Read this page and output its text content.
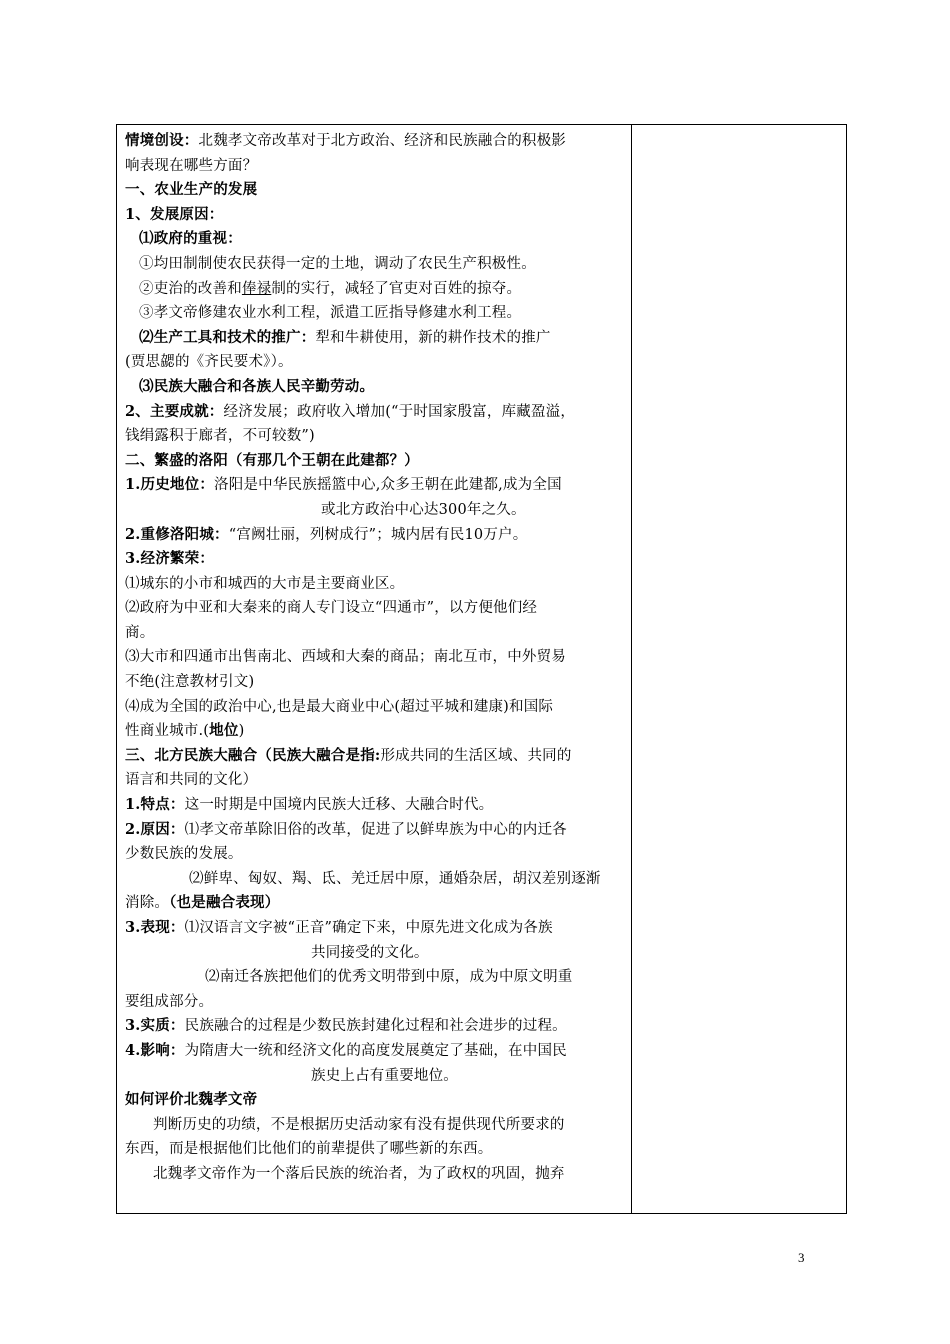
情境创设：北魏孝文帝改革对于北方政治、经济和民族融合的积极影
响表现在哪些方面？
一、农业生产的发展
1、发展原因：
⑴政府的重视：
①均田制制使农民获得一定的土地，调动了农民生产积极性。
②吏治的改善和俸禄制的实行，减轻了官吏对百姓的掠夺。
③孝文帝修建农业水利工程，派遣工匠指导修建水利工程。
⑵生产工具和技术的推广：犁和牛耕使用，新的耕作技术的推广
(贾思勰的《齐民要术》）。
⑶民族大融合和各族人民辛勤劳动。
2、主要成就：经济发展；政府收入增加(“于时国家殷富，库藏盈溢，
钱绢露积于廊者，不可较数”)
二、繁盛的洛阳（有那几个王朝在此建都？）
1.历史地位：洛阳是中华民族摇篮中心,众多王朝在此建都,成为全国
或北方政治中心达300年之久。
2.重修洛阳城：“宫阙壮丽，列树成行”；城内居有民10万户。
3.经济繁荣：
⑴城东的小市和城西的大市是主要商业区。
⑵政府为中亚和大秦来的商人专门设立“四通市”，以方便他们经
商。
⑶大市和四通市出售南北、西域和大秦的商品；南北互市，中外贸易
不绝(注意教材引文)
⑷成为全国的政治中心,也是最大商业中心(超过平城和建康)和国际
性商业城市.(地位)
三、北方民族大融合（民族大融合是指:形成共同的生活区域、共同的
语言和共同的文化）
1.特点：这一时期是中国境内民族大迁移、大融合时代。
2.原因：⑴孝文帝革除旧俗的改革，促进了以鲜卑族为中心的内迁各
少数民族的发展。
⑵鲜卑、匈奴、羯、氐、羌迁居中原，通婚杂居，胡汉差别逐渐
消除。（也是融合表现）
3.表现：⑴汉语言文字被“正音”确定下来，中原先进文化成为各族
共同接受的文化。
⑵南迁各族把他们的优秀文明带到中原，成为中原文明重
要组成部分。
3.实质：民族融合的过程是少数民族封建化过程和社会进步的过程。
4.影响：为隋唐大一统和经济文化的高度发展奠定了基础，在中国民
族史上占有重要地位。
如何评价北魏孝文帝
判断历史的功绩，不是根据历史活动家有没有提供现代所要求的
东西，而是根据他们比他们的前辈提供了哪些新的东西。
北魏孝文帝作为一个落后民族的统治者，为了政权的巩固，抛弃
3
